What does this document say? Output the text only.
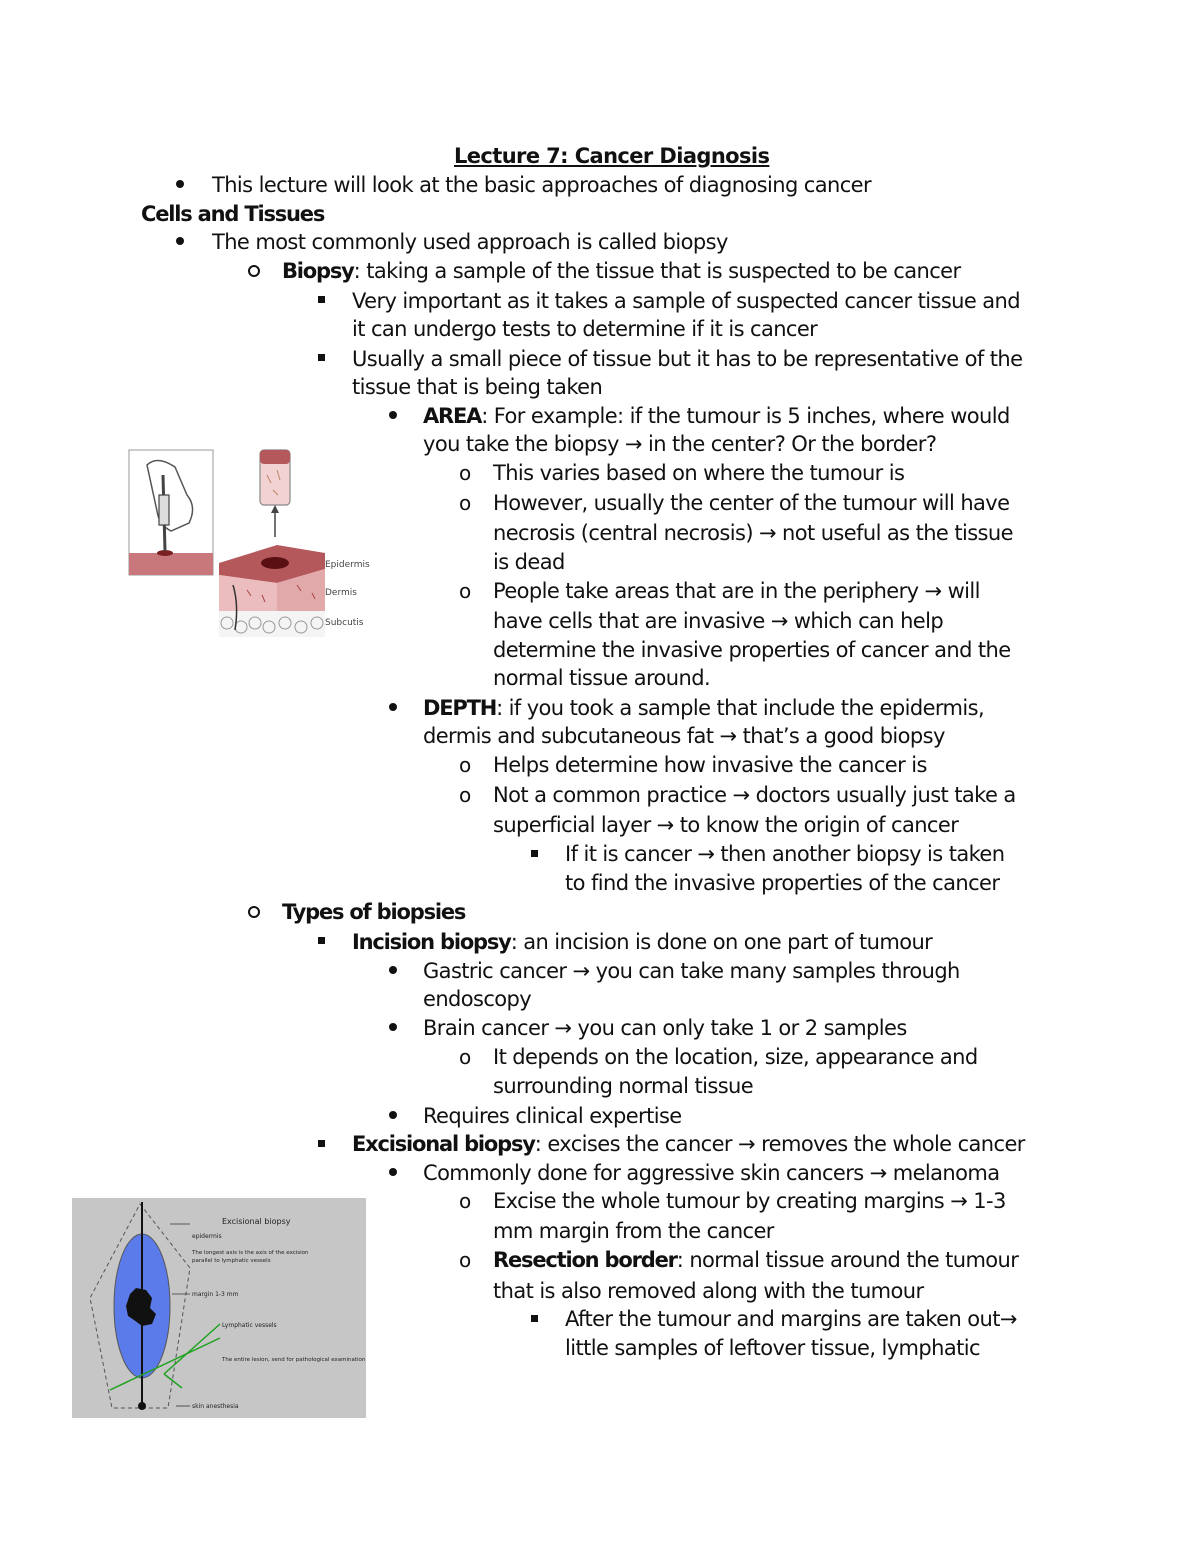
Lecture 7: Cancer Diagnosis
This lecture will look at the basic approaches of diagnosing cancer
Cells and Tissues
The most commonly used approach is called biopsy
Biopsy: taking a sample of the tissue that is suspected to be cancer
Very important as it takes a sample of suspected cancer tissue and
it can undergo tests to determine if it is cancer
Usually a small piece of tissue but it has to be representative of the
tissue that is being taken
AREA: For example: if the tumour is 5 inches, where would
you take the biopsy → in the center? Or the border?
o This varies based on where the tumour is
o However, usually the center of the tumour will have
necrosis (central necrosis) → not useful as the tissue
is dead
o People take areas that are in the periphery → will
have cells that are invasive → which can help
determine the invasive properties of cancer and the
normal tissue around.
DEPTH: if you took a sample that include the epidermis,
dermis and subcutaneous fat → that’s a good biopsy
o Helps determine how invasive the cancer is
o Not a common practice → doctors usually just take a
superficial layer → to know the origin of cancer
If it is cancer → then another biopsy is taken
to find the invasive properties of the cancer
Types of biopsies
Incision biopsy: an incision is done on one part of tumour
Gastric cancer → you can take many samples through
endoscopy
Brain cancer → you can only take 1 or 2 samples
o It depends on the location, size, appearance and
surrounding normal tissue
Requires clinical expertise
Excisional biopsy: excises the cancer → removes the whole cancer
Commonly done for aggressive skin cancers → melanoma
o Excise the whole tumour by creating margins → 1-3
mm margin from the cancer
o Resection border: normal tissue around the tumour
that is also removed along with the tumour
After the tumour and margins are taken out→
little samples of leftover tissue, lymphatic
Epidermis
Dermis
Subcutis
Excisional biopsy
epidermis
The longest axis is the axis of the excision
parallel to lymphatic vessels
margin 1-3 mm
Lymphatic vessels
The entire lesion, send for pathological examination
skin anesthesia
